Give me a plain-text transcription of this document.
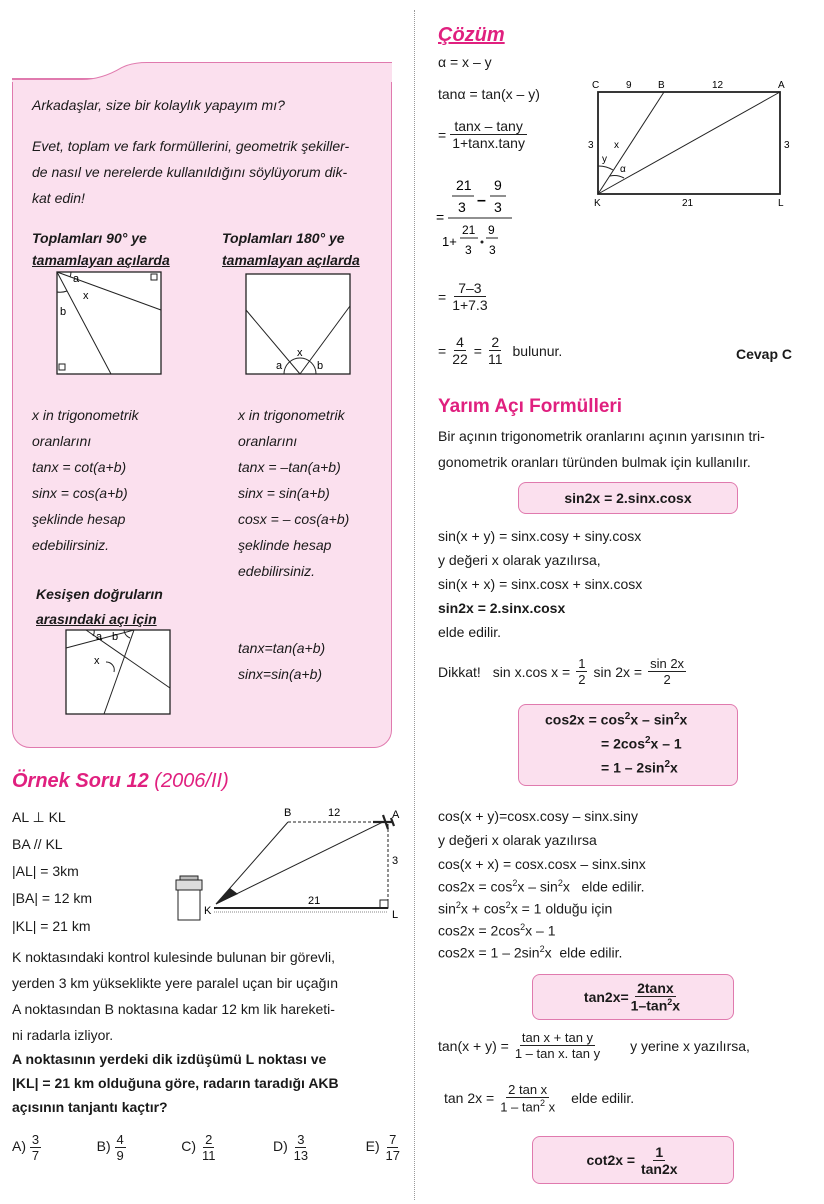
Arkadaşlar, size bir kolaylık yapayım mı?
Evet, toplam ve fark formüllerini, geometrik şekiller-
de nasıl ve nerelerde kullanıldığını söylüyorum dik-
kat edin!
Toplamları 90° ye
tamamlayan açılarda
Toplamları 180° ye
tamamlayan açılarda
a
x
b
a
x
b
x in trigonometrik
oranlarını
tanx = cot(a+b)
sinx = cos(a+b)
şeklinde hesap
edebilirsiniz.
x in trigonometrik
oranlarını
tanx = –tan(a+b)
sinx = sin(a+b)
cosx = – cos(a+b)
şeklinde hesap
edebilirsiniz.
Kesişen doğruların
arasındaki açı için
a b
x
tanx=tan(a+b)
sinx=sin(a+b)
Örnek Soru 12 (2006/II)
AL ⊥ KL
BA // KL
|AL| = 3km
|BA| = 12 km
|KL| = 21 km
B	12	A
3
21
K	L
K noktasındaki kontrol kulesinde bulunan bir görevli,
yerden 3 km yükseklikte yere paralel uçan bir uçağın
A noktasından B noktasına kadar 12 km lik hareketi-
ni radarla izliyor.
A noktasının yerdeki dik izdüşümü L noktası ve
|KL| = 21 km olduğuna göre, radarın taradığı AKB
açısının tanjantı kaçtır?
$A) \frac{3}{7}$	$B) \frac{4}{9}$	$C) \frac{2}{11}$	$D) \frac{3}{13}$	$E) \frac{7}{17}$
Çözüm
α = x – y
tanα = tan(x – y)
= $\frac{\tan x - \tan y}{1+\tan x.\tan y}$
21
3 –
9
3
=
1+
21
3
9
3
= $\frac{7-3}{1+7.3}$
= $\frac{4}{22} = \frac{2}{11}$ bulunur.	Cevap C
C	9	B	12	A
3	3
x
y
α
K	21	L
Yarım Açı Formülleri
Bir açının trigonometrik oranlarını açının yarısının tri-
gonometrik oranları türünden bulmak için kullanılır.
sin2x = 2.sinx.cosx
sin(x + y) = sinx.cosy + siny.cosx
y değeri x olarak yazılırsa,
sin(x + x) = sinx.cosx + sinx.cosx
sin2x = 2.sinx.cosx
elde edilir.
Dikkat! sin x.cos $x = \frac{1}{2}$ $\sin 2x = \frac{\sin 2x}{2}$
$\cos 2x = \cos^2x - \sin^2x$
= $2\cos^2x - 1$
= $1 - 2\sin^2x$
cos(x + y)=cosx.cosy – sinx.siny
y değeri x olarak yazılırsa
cos(x + x) = cosx.cosx – sinx.sinx
$\cos 2x = \cos^2x - \sin^2x$   elde edilir.
$\sin^2x + \cos^2x = 1$ olduğu için
$\cos 2x = 2\cos^2x - 1$
$\cos 2x = 1 - 2\sin^2x$  elde edilir.
$\tan 2x= \frac{2\tan x}{1-\tan^2x}$
$\tan(x + y) = \frac{\text{tan x + tan y}}{\text{1 – tan x. tan y}}$ y yerine x yazılırsa,
$\tan 2x = \frac{\text{2 tan x}}{1 - \tan^2 x}$ elde edilir.
$\cot 2x = \frac{1}{\tan 2x}$
